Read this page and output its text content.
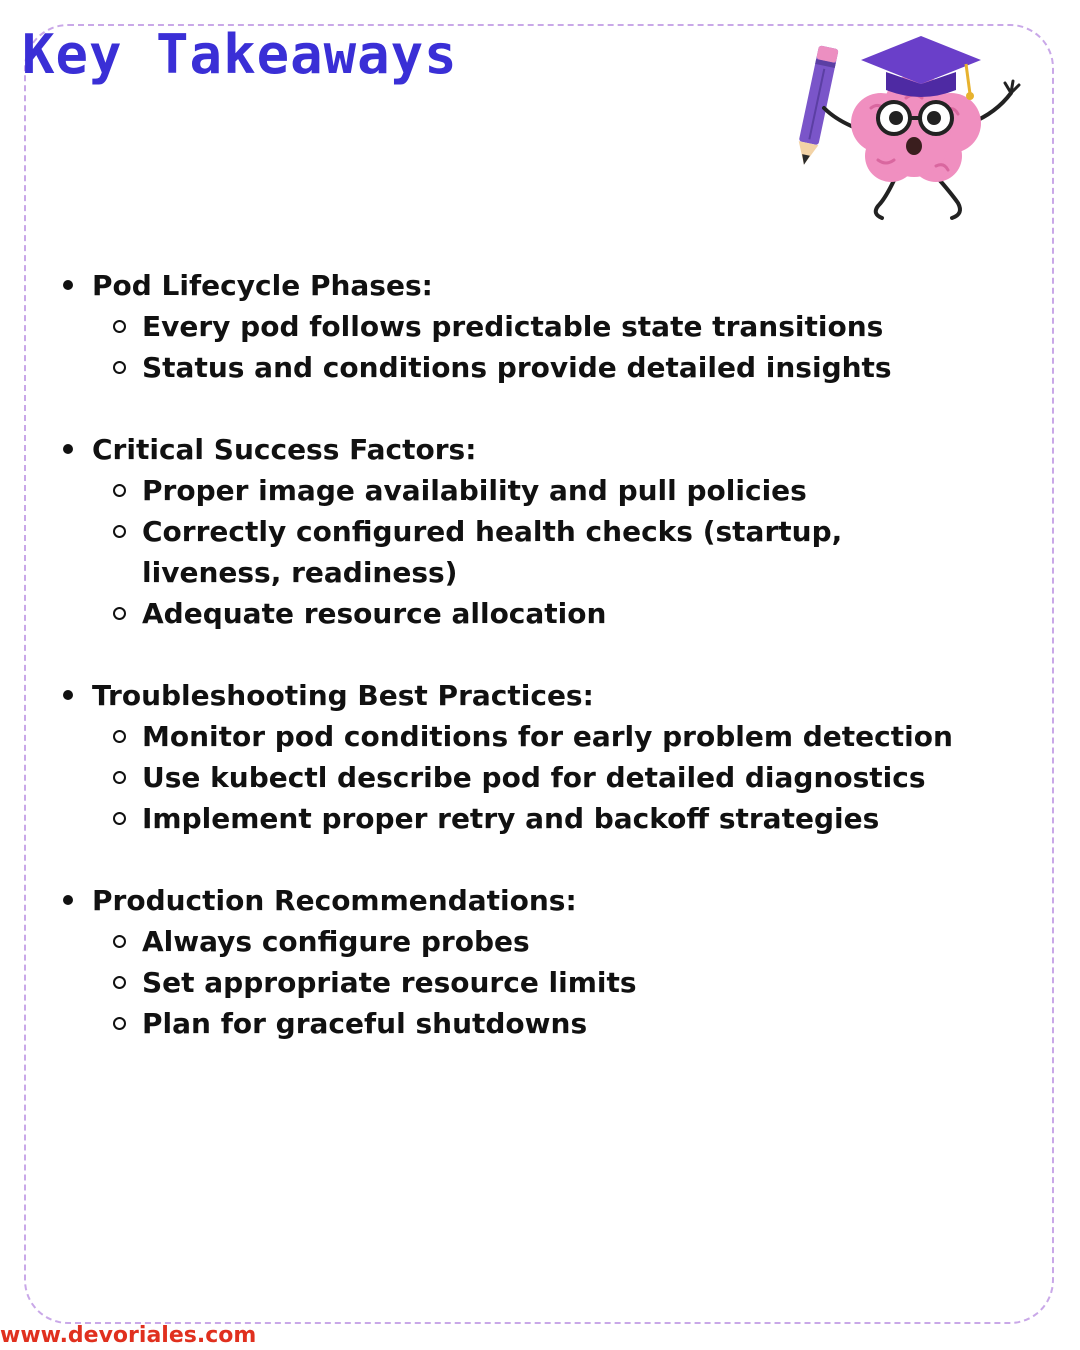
Key Takeaways
Pod Lifecycle Phases:
Every pod follows predictable state transitions
Status and conditions provide detailed insights
Critical Success Factors:
Proper image availability and pull policies
Correctly configured health checks (startup, liveness, readiness)
Adequate resource allocation
Troubleshooting Best Practices:
Monitor pod conditions for early problem detection
Use kubectl describe pod for detailed diagnostics
Implement proper retry and backoff strategies
Production Recommendations:
Always configure probes
Set appropriate resource limits
Plan for graceful shutdowns
www.devoriales.com
